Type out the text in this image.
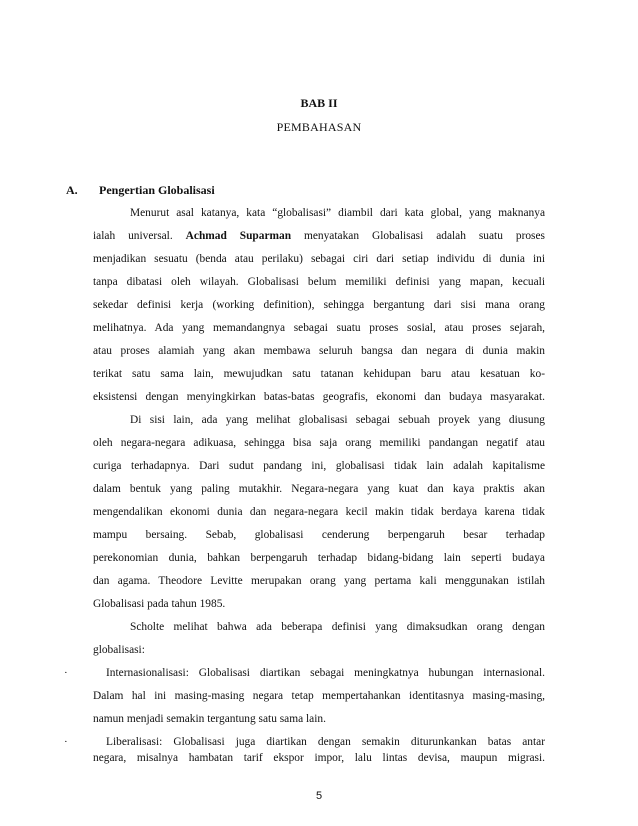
BAB II
PEMBAHASAN
A. Pengertian Globalisasi
Menurut asal katanya, kata “globalisasi” diambil dari kata global, yang maknanya
ialah universal. Achmad Suparman menyatakan Globalisasi adalah suatu proses
menjadikan sesuatu (benda atau perilaku) sebagai ciri dari setiap individu di dunia ini
tanpa dibatasi oleh wilayah. Globalisasi belum memiliki definisi yang mapan, kecuali
sekedar definisi kerja (working definition), sehingga bergantung dari sisi mana orang
melihatnya. Ada yang memandangnya sebagai suatu proses sosial, atau proses sejarah,
atau proses alamiah yang akan membawa seluruh bangsa dan negara di dunia makin
terikat satu sama lain, mewujudkan satu tatanan kehidupan baru atau kesatuan ko-
eksistensi dengan menyingkirkan batas-batas geografis, ekonomi dan budaya masyarakat.
Di sisi lain, ada yang melihat globalisasi sebagai sebuah proyek yang diusung
oleh negara-negara adikuasa, sehingga bisa saja orang memiliki pandangan negatif atau
curiga terhadapnya. Dari sudut pandang ini, globalisasi tidak lain adalah kapitalisme
dalam bentuk yang paling mutakhir. Negara-negara yang kuat dan kaya praktis akan
mengendalikan ekonomi dunia dan negara-negara kecil makin tidak berdaya karena tidak
mampu bersaing. Sebab, globalisasi cenderung berpengaruh besar terhadap
perekonomian dunia, bahkan berpengaruh terhadap bidang-bidang lain seperti budaya
dan agama. Theodore Levitte merupakan orang yang pertama kali menggunakan istilah
Globalisasi pada tahun 1985.
Scholte melihat bahwa ada beberapa definisi yang dimaksudkan orang dengan
globalisasi:
·	Internasionalisasi: Globalisasi diartikan sebagai meningkatnya hubungan internasional.
Dalam hal ini masing-masing negara tetap mempertahankan identitasnya masing-masing,
namun menjadi semakin tergantung satu sama lain.
·	Liberalisasi: Globalisasi juga diartikan dengan semakin diturunkankan batas antar
negara, misalnya hambatan tarif ekspor impor, lalu lintas devisa, maupun migrasi.
5
